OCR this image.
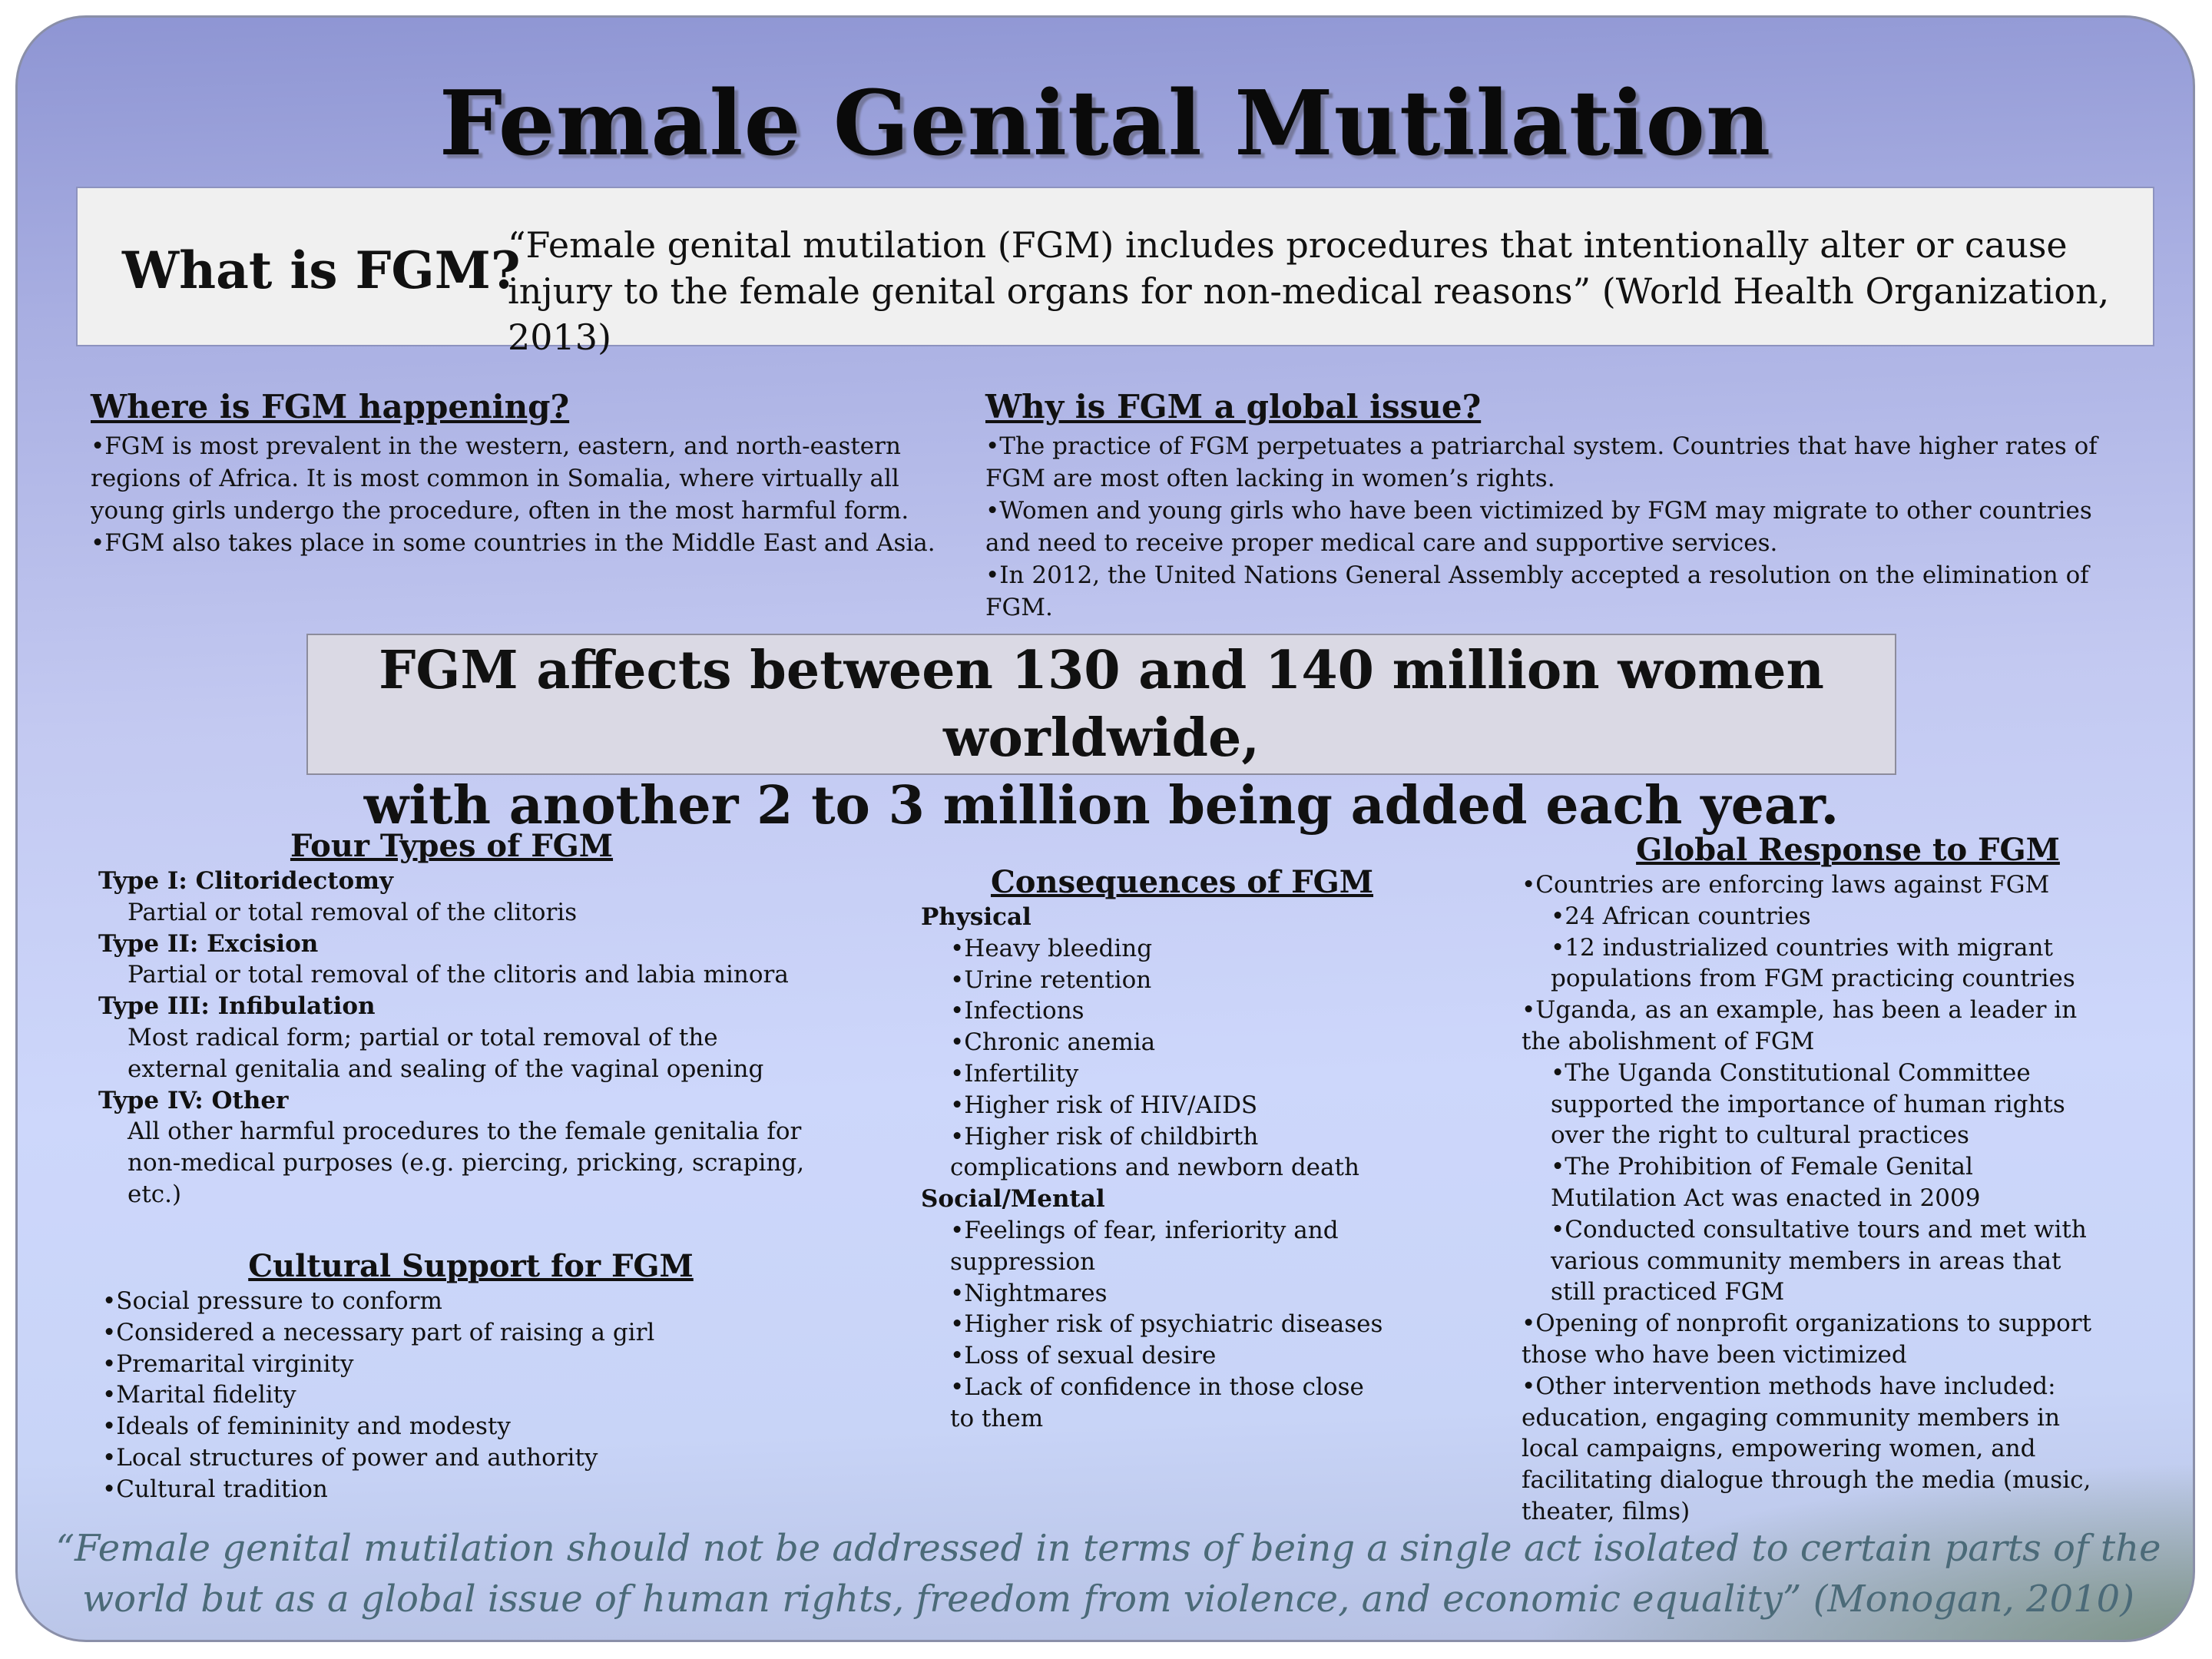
Female Genital Mutilation
What is FGM?
“Female genital mutilation (FGM) includes procedures that intentionally alter or cause injury to the female genital organs for non-medical reasons” (World Health Organization, 2013)
Where is FGM happening?

•FGM is most prevalent in the western, eastern, and north-eastern regions of Africa. It is most common in Somalia, where virtually all young girls undergo the procedure, often in the most harmful form.

•FGM also takes place in some countries in the Middle East and Asia.

Why is FGM a global issue?

•The practice of FGM perpetuates a patriarchal system. Countries that have higher rates of FGM are most often lacking in women’s rights.

•Women and young girls who have been victimized by FGM may migrate to other countries and need to receive proper medical care and supportive services.

•In 2012, the United Nations General Assembly accepted a resolution on the elimination of FGM.

FGM affects between 130 and 140 million women worldwide,
with another 2 to 3 million being added each year.
Four Types of FGM

Type I: Clitoridectomy

Partial or total removal of the clitoris

Type II: Excision

Partial or total removal of the clitoris and labia minora

Type III: Infibulation

Most radical form; partial or total removal of the external genitalia and sealing of the vaginal opening

Type IV: Other

All other harmful procedures to the female genitalia for non-medical purposes (e.g. piercing, pricking, scraping, etc.)

Cultural Support for FGM

•Social pressure to conform

•Considered a necessary part of raising a girl

•Premarital virginity

•Marital fidelity

•Ideals of femininity and modesty

•Local structures of power and authority

•Cultural tradition

Consequences of FGM

Physical

•Heavy bleeding

•Urine retention

•Infections

•Chronic anemia

•Infertility

•Higher risk of HIV/AIDS

•Higher risk of childbirth complications and newborn death

Social/Mental

•Feelings of fear, inferiority and suppression

•Nightmares

•Higher risk of psychiatric diseases

•Loss of sexual desire

•Lack of confidence in those close to them

Global Response to FGM

•Countries are enforcing laws against FGM

•24 African countries

•12 industrialized countries with migrant populations from FGM practicing countries

•Uganda, as an example, has been a leader in the abolishment of FGM

•The Uganda Constitutional Committee supported the importance of human rights over the right to cultural practices

•The Prohibition of Female Genital Mutilation Act was enacted in 2009

•Conducted consultative tours and met with various community members in areas that still practiced FGM

•Opening of nonprofit organizations to support those who have been victimized

•Other intervention methods have included: education, engaging community members in local campaigns, empowering women, and facilitating dialogue through the media (music, theater, films)

“Female genital mutilation should not be addressed in terms of being a single act isolated to certain parts of the world but as a global issue of human rights, freedom from violence, and economic equality” (Monogan, 2010)
